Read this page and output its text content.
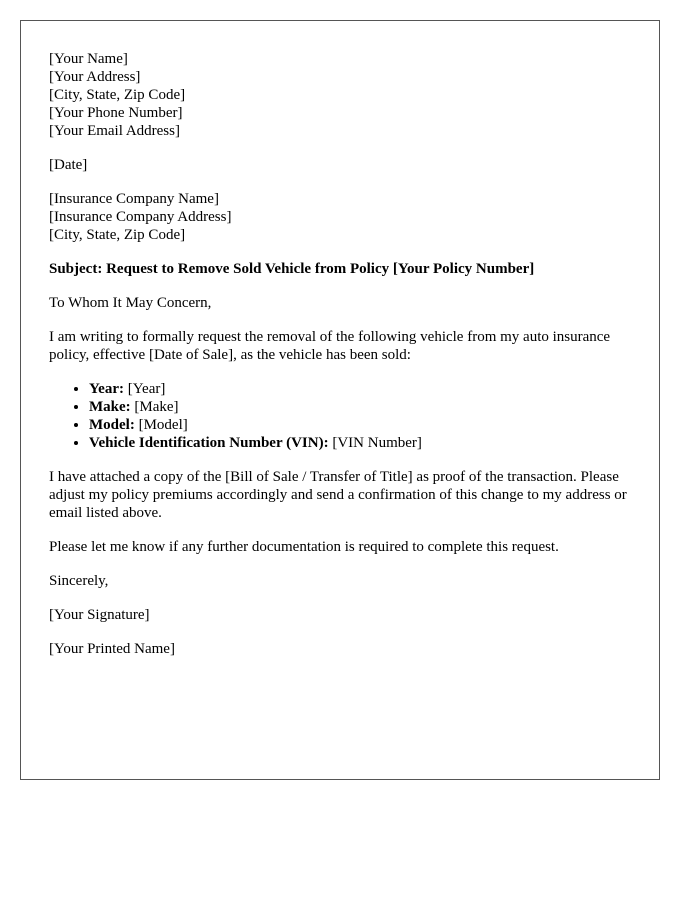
[Your Name]
[Your Address]
[City, State, Zip Code]
[Your Phone Number]
[Your Email Address]
[Date]
[Insurance Company Name]
[Insurance Company Address]
[City, State, Zip Code]
Subject: Request to Remove Sold Vehicle from Policy [Your Policy Number]

To Whom It May Concern,

I am writing to formally request the removal of the following vehicle from my auto insurance policy, effective [Date of Sale], as the vehicle has been sold:

• Year: [Year]
• Make: [Make]
• Model: [Model]
• Vehicle Identification Number (VIN): [VIN Number]

I have attached a copy of the [Bill of Sale / Transfer of Title] as proof of the transaction. Please adjust my policy premiums accordingly and send a confirmation of this change to my address or email listed above.

Please let me know if any further documentation is required to complete this request.

Sincerely,

[Your Signature]

[Your Printed Name]
